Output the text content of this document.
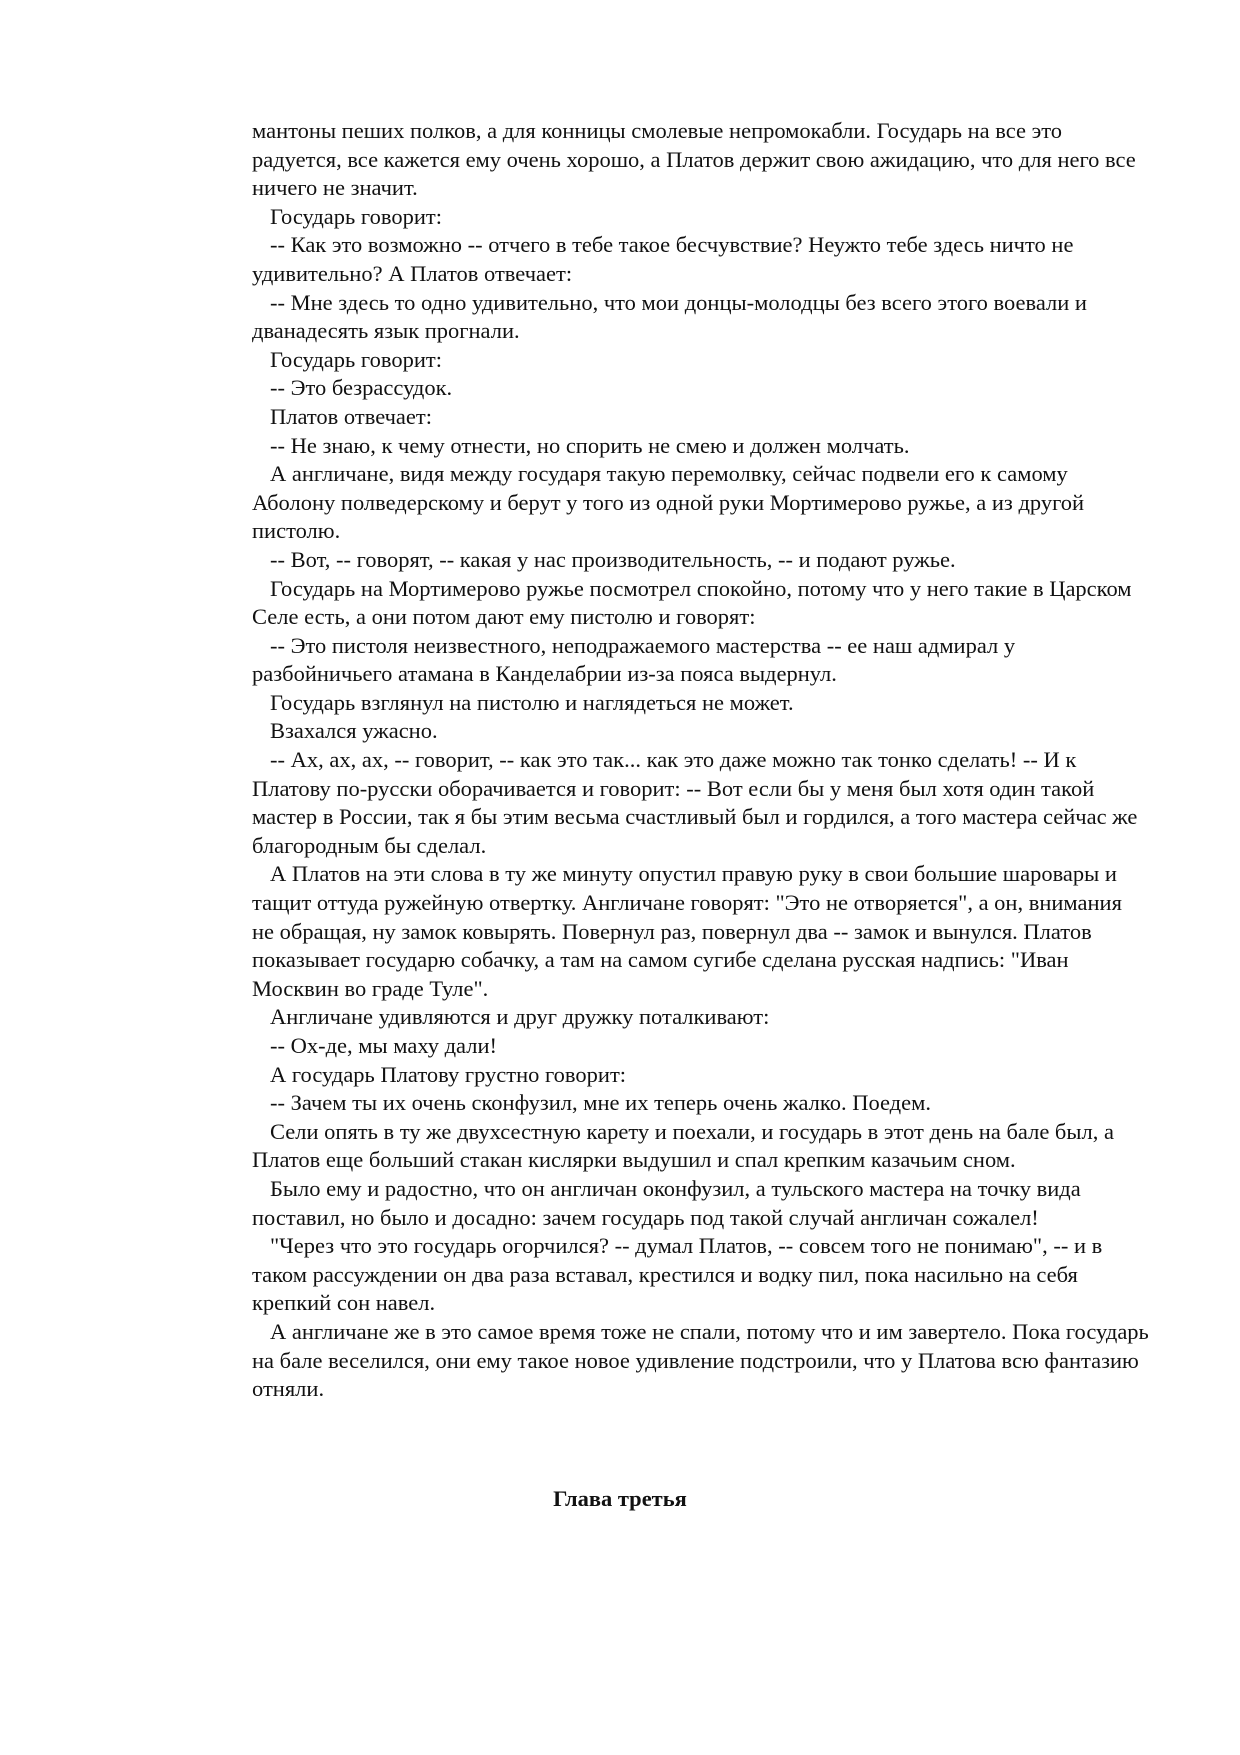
мантоны пеших полков, а для конницы смолевые непромокабли. Государь на все это радуется, все кажется ему очень хорошо, а Платов держит свою ажидацию, что для него все ничего не значит.

Государь говорит:

-- Как это возможно -- отчего в тебе такое бесчувствие? Неужто тебе здесь ничто не удивительно? А Платов отвечает:

-- Мне здесь то одно удивительно, что мои донцы-молодцы без всего этого воевали и дванадесять язык прогнали.

Государь говорит:

-- Это безрассудок.

Платов отвечает:

-- Не знаю, к чему отнести, но спорить не смею и должен молчать.

А англичане, видя между государя такую перемолвку, сейчас подвели его к самому Аболону полведерскому и берут у того из одной руки Мортимерово ружье, а из другой пистолю.

-- Вот, -- говорят, -- какая у нас производительность, -- и подают ружье.

Государь на Мортимерово ружье посмотрел спокойно, потому что у него такие в Царском Селе есть, а они потом дают ему пистолю и говорят:

-- Это пистоля неизвестного, неподражаемого мастерства -- ее наш адмирал у разбойничьего атамана в Канделабрии из-за пояса выдернул.

Государь взглянул на пистолю и наглядеться не может.

Взахался ужасно.

-- Ах, ах, ах, -- говорит, -- как это так... как это даже можно так тонко сделать! -- И к Платову по-русски оборачивается и говорит: -- Вот если бы у меня был хотя один такой мастер в России, так я бы этим весьма счастливый был и гордился, а того мастера сейчас же благородным бы сделал.

А Платов на эти слова в ту же минуту опустил правую руку в свои большие шаровары и тащит оттуда ружейную отвертку. Англичане говорят: "Это не отворяется", а он, внимания не обращая, ну замок ковырять. Повернул раз, повернул два -- замок и вынулся. Платов показывает государю собачку, а там на самом сугибе сделана русская надпись: "Иван Москвин во граде Туле".

Англичане удивляются и друг дружку поталкивают:

-- Ох-де, мы маху дали!

А государь Платову грустно говорит:

-- Зачем ты их очень сконфузил, мне их теперь очень жалко. Поедем.

Сели опять в ту же двухсестную карету и поехали, и государь в этот день на бале был, а Платов еще больший стакан кислярки выдушил и спал крепким казачьим сном.

Было ему и радостно, что он англичан оконфузил, а тульского мастера на точку вида поставил, но было и досадно: зачем государь под такой случай англичан сожалел!

"Через что это государь огорчился? -- думал Платов, -- совсем того не понимаю", -- и в таком рассуждении он два раза вставал, крестился и водку пил, пока насильно на себя крепкий сон навел.

А англичане же в это самое время тоже не спали, потому что и им завертело. Пока государь на бале веселился, они ему такое новое удивление подстроили, что у Платова всю фантазию отняли.

Глава третья
